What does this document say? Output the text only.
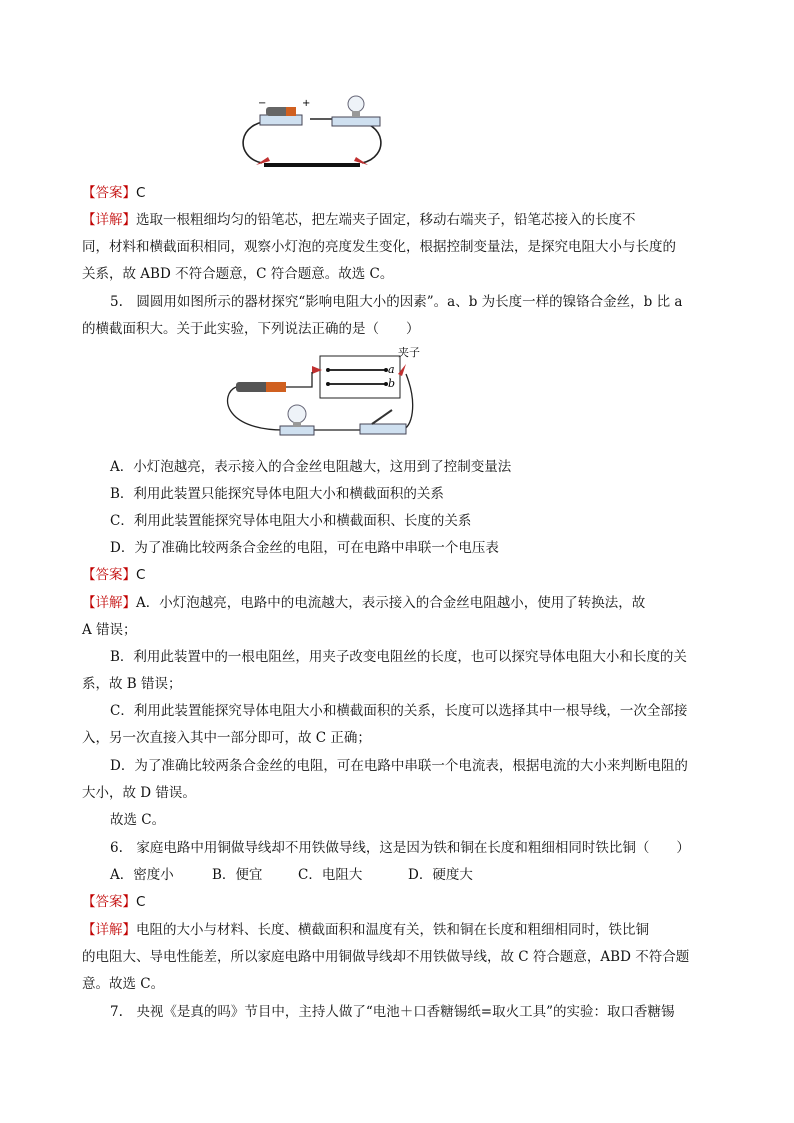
−	+
【答案】C
【详解】选取一根粗细均匀的铅笔芯，把左端夹子固定，移动右端夹子，铅笔芯接入的长度不
同，材料和横截面积相同，观察小灯泡的亮度发生变化，根据控制变量法，是探究电阻大小与长度的
关系，故 ABD 不符合题意，C 符合题意。故选 C。
5.　圆圆用如图所示的器材探究“影响电阻大小的因素”。a、b 为长度一样的镍铬合金丝，b 比 a
的横截面积大。关于此实验，下列说法正确的是（　　）
a
b
夹子
A．小灯泡越亮，表示接入的合金丝电阻越大，这用到了控制变量法
B．利用此装置只能探究导体电阻大小和横截面积的关系
C．利用此装置能探究导体电阻大小和横截面积、长度的关系
D．为了准确比较两条合金丝的电阻，可在电路中串联一个电压表
【答案】C
【详解】A．小灯泡越亮，电路中的电流越大，表示接入的合金丝电阻越小，使用了转换法，故
A 错误；
B．利用此装置中的一根电阻丝，用夹子改变电阻丝的长度，也可以探究导体电阻大小和长度的关
系，故 B 错误；
C．利用此装置能探究导体电阻大小和横截面积的关系，长度可以选择其中一根导线，一次全部接
入，另一次直接入其中一部分即可，故 C 正确；
D．为了准确比较两条合金丝的电阻，可在电路中串联一个电流表，根据电流的大小来判断电阻的
大小，故 D 错误。
故选 C。
6.　家庭电路中用铜做导线却不用铁做导线，这是因为铁和铜在长度和粗细相同时铁比铜（　　）
A．密度小	B．便宜	C．电阻大	D．硬度大
【答案】C
【详解】电阻的大小与材料、长度、横截面积和温度有关，铁和铜在长度和粗细相同时，铁比铜
的电阻大、导电性能差，所以家庭电路中用铜做导线却不用铁做导线，故 C 符合题意，ABD 不符合题
意。故选 C。
7.　央视《是真的吗》节目中，主持人做了“电池＋口香糖锡纸=取火工具”的实验：取口香糖锡
